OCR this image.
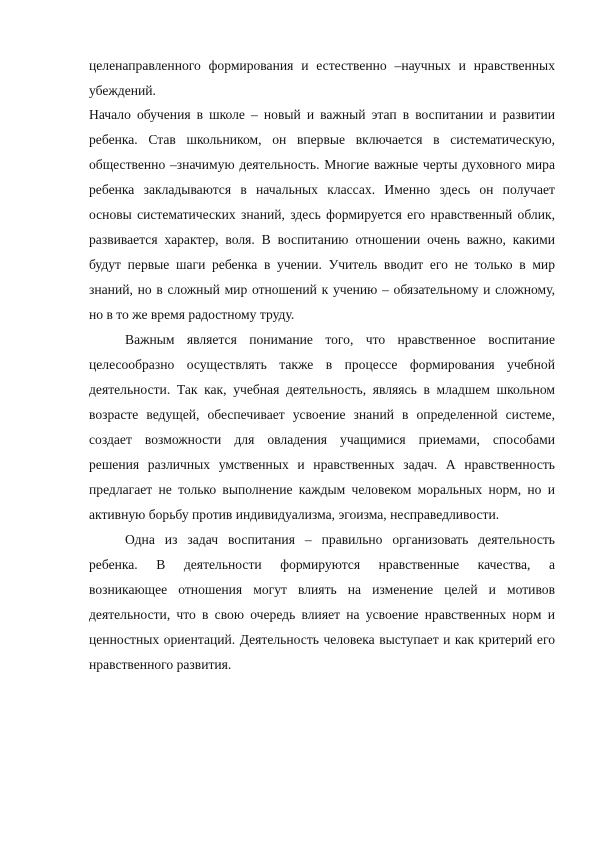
целенаправленного формирования и естественно –научных и нравственных
убеждений.
Начало обучения в школе – новый и важный этап в воспитании и развитии
ребенка. Став школьником, он впервые включается в систематическую,
общественно –значимую деятельность. Многие важные черты духовного мира
ребенка закладываются в начальных классах. Именно здесь он получает
основы систематических знаний, здесь формируется его нравственный облик,
развивается характер, воля. В воспитанию отношении очень важно, какими
будут первые шаги ребенка в учении. Учитель вводит его не только в мир
знаний, но в сложный мир отношений к учению – обязательному и сложному,
но в то же время радостному труду.
Важным является понимание того, что нравственное воспитание
целесообразно осуществлять также в процессе формирования учебной
деятельности. Так как, учебная деятельность, являясь в младшем школьном
возрасте ведущей, обеспечивает усвоение знаний в определенной системе,
создает возможности для овладения учащимися приемами, способами
решения различных умственных и нравственных задач. А нравственность
предлагает не только выполнение каждым человеком моральных норм, но и
активную борьбу против индивидуализма, эгоизма, несправедливости.
Одна из задач воспитания – правильно организовать деятельность
ребенка. В деятельности формируются нравственные качества, а
возникающее отношения могут влиять на изменение целей и мотивов
деятельности, что в свою очередь влияет на усвоение нравственных норм и
ценностных ориентаций. Деятельность человека выступает и как критерий его
нравственного развития.
